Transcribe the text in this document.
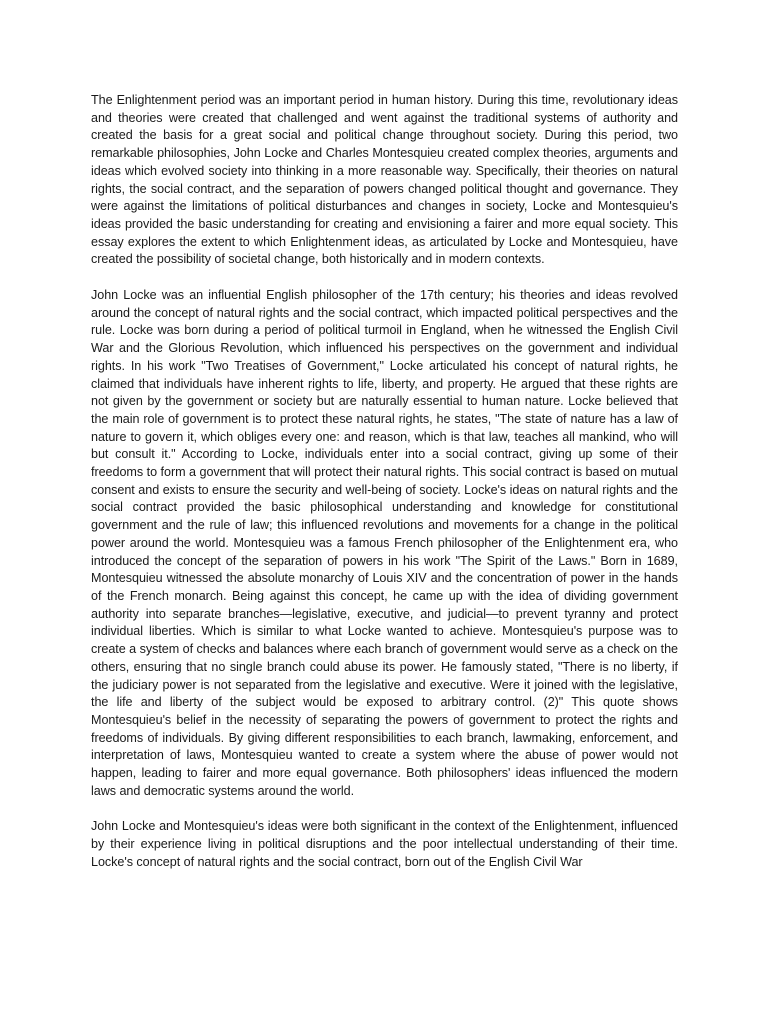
The Enlightenment period was an important period in human history. During this time, revolutionary ideas and theories were created that challenged and went against the traditional systems of authority and created the basis for a great social and political change throughout society. During this period, two remarkable philosophies, John Locke and Charles Montesquieu created complex theories, arguments and ideas which evolved society into thinking in a more reasonable way. Specifically, their theories on natural rights, the social contract, and the separation of powers changed political thought and governance. They were against the limitations of political disturbances and changes in society, Locke and Montesquieu's ideas provided the basic understanding for creating and envisioning a fairer and more equal society. This essay explores the extent to which Enlightenment ideas, as articulated by Locke and Montesquieu, have created the possibility of societal change, both historically and in modern contexts.

John Locke was an influential English philosopher of the 17th century; his theories and ideas revolved around the concept of natural rights and the social contract, which impacted political perspectives and the rule. Locke was born during a period of political turmoil in England, when he witnessed the English Civil War and the Glorious Revolution, which influenced his perspectives on the government and individual rights. In his work "Two Treatises of Government," Locke articulated his concept of natural rights, he claimed that individuals have inherent rights to life, liberty, and property. He argued that these rights are not given by the government or society but are naturally essential to human nature. Locke believed that the main role of government is to protect these natural rights, he states, "The state of nature has a law of nature to govern it, which obliges every one: and reason, which is that law, teaches all mankind, who will but consult it." According to Locke, individuals enter into a social contract, giving up some of their freedoms to form a government that will protect their natural rights. This social contract is based on mutual consent and exists to ensure the security and well-being of society. Locke's ideas on natural rights and the social contract provided the basic philosophical understanding and knowledge for constitutional government and the rule of law; this influenced revolutions and movements for a change in the political power around the world. Montesquieu was a famous French philosopher of the Enlightenment era, who introduced the concept of the separation of powers in his work "The Spirit of the Laws." Born in 1689, Montesquieu witnessed the absolute monarchy of Louis XIV and the concentration of power in the hands of the French monarch. Being against this concept, he came up with the idea of dividing government authority into separate branches—legislative, executive, and judicial—to prevent tyranny and protect individual liberties. Which is similar to what Locke wanted to achieve. Montesquieu's purpose was to create a system of checks and balances where each branch of government would serve as a check on the others, ensuring that no single branch could abuse its power. He famously stated, "There is no liberty, if the judiciary power is not separated from the legislative and executive. Were it joined with the legislative, the life and liberty of the subject would be exposed to arbitrary control. (2)" This quote shows Montesquieu's belief in the necessity of separating the powers of government to protect the rights and freedoms of individuals. By giving different responsibilities to each branch, lawmaking, enforcement, and interpretation of laws, Montesquieu wanted to create a system where the abuse of power would not happen, leading to fairer and more equal governance. Both philosophers' ideas influenced the modern laws and democratic systems around the world.

John Locke and Montesquieu's ideas were both significant in the context of the Enlightenment, influenced by their experience living in political disruptions and the poor intellectual understanding of their time. Locke's concept of natural rights and the social contract, born out of the English Civil War
